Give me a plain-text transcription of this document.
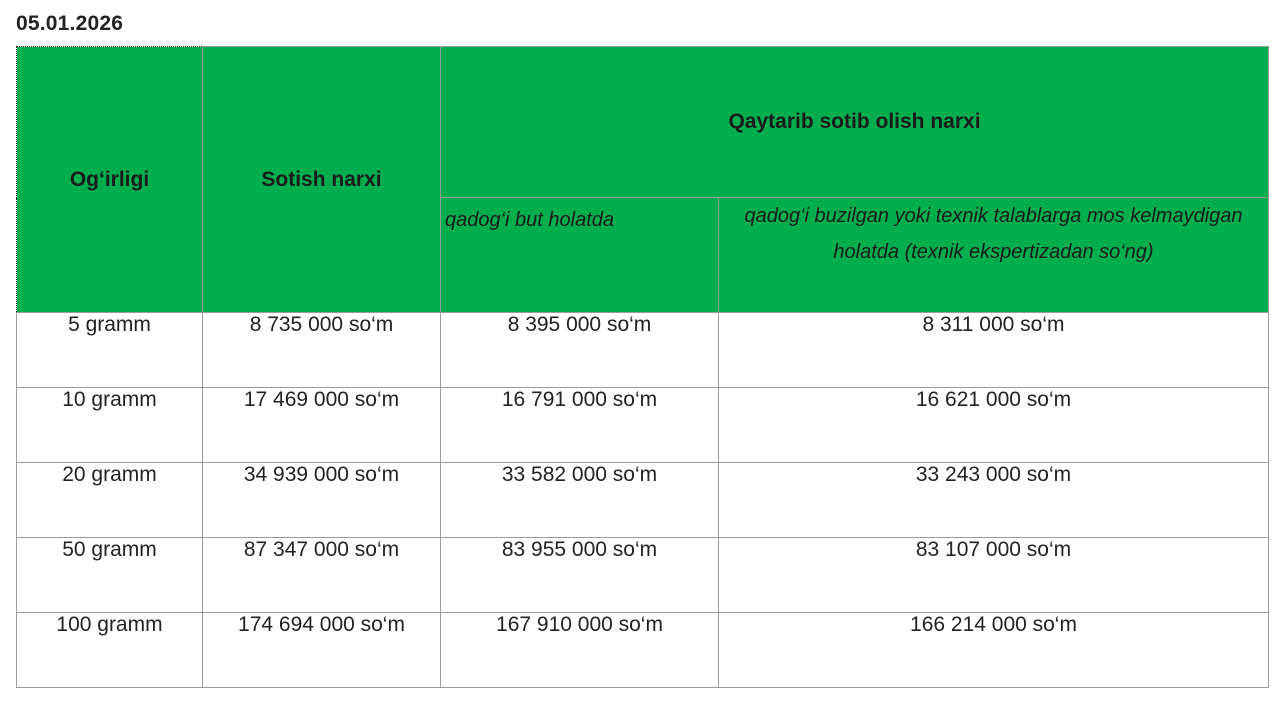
05.01.2026
Og‘irligi	Sotish narxi	Qaytarib sotib olish narxi	
		qadog‘i but holatda	qadog‘i buzilgan yoki texnik talablarga mos kelmaydigan holatda (texnik ekspertizadan so‘ng)
5 gramm	8 735 000 so‘m	8 395 000 so‘m	8 311 000 so‘m
10 gramm	17 469 000 so‘m	16 791 000 so‘m	16 621 000 so‘m
20 gramm	34 939 000 so‘m	33 582 000 so‘m	33 243 000 so‘m
50 gramm	87 347 000 so‘m	83 955 000 so‘m	83 107 000 so‘m
100 gramm	174 694 000 so‘m	167 910 000 so‘m	166 214 000 so‘m
